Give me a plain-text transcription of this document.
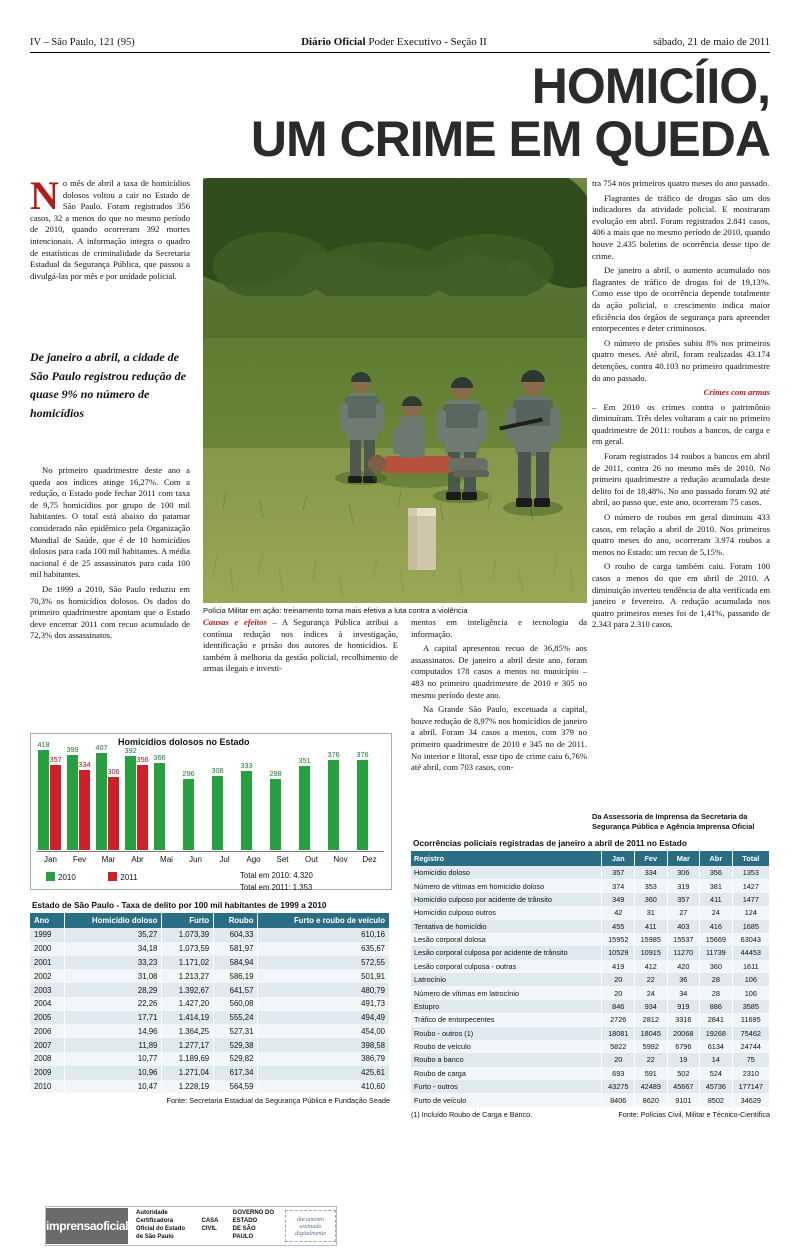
IV – São Paulo, 121 (95)	Diário Oficial Poder Executivo - Seção II	sábado, 21 de maio de 2011
HOMICÍIO,
UM CRIME EM QUEDA

No mês de abril a taxa de homicídios dolosos voltou a cair no Estado de São Paulo. Foram registrados 356 casos, 32 a menos do que no mesmo período de 2010, quando ocorreram 392 mortes intencionais. A informação integra o quadro de estatísticas de criminalidade da Secretaria Estadual da Segurança Pública, que passou a divulgá-las por mês e por unidade policial.

De janeiro a abril, a cidade de São Paulo registrou redução de quase 9% no número de homicídios

No primeiro quadrimestre deste ano a queda aos índices atinge 16,27%. Com a redução, o Estado pode fechar 2011 com taxa de 9,75 homicídios por grupo de 100 mil habitantes. O total está abaixo do patamar considerado não epidêmico pela Organização Mundial de Saúde, que é de 10 homicídios dolosos para cada 100 mil habitantes. A média nacional é de 25 assassinatos para cada 100 mil habitantes.

De 1999 a 2010, São Paulo reduziu em 70,3% os homicídios dolosos. Os dados do primeiro quadrimestre apontam que o Estado deve encerrar 2011 com recuo acumulado de 72,3% dos assassinatos.

Polícia Militar em ação: treinamento torna mais efetiva a luta contra a violência

Causas e efeitos – A Segurança Pública atribui a contínua redução nos índices à investigação, identificação e prisão dos autores de homicídios. E também à melhoria da gestão policial, recolhimento de armas ilegais e investi-

mentos em inteligência e tecnologia da informação.

A capital apresentou recuo de 36,85% aos assassinatos. De janeiro a abril deste ano, foram computados 178 casos a menos no município – 483 no primeiro quadrimestre de 2010 e 305 no mesmo período deste ano.

Na Grande São Paulo, excetuada a capital, houve redução de 8,97% nos homicídios de janeiro a abril. Foram 34 casos a menos, com 379 no primeiro quadrimestre de 2010 e 345 no de 2011. No interior e litoral, esse tipo de crime caiu 6,76% até abril, com 703 casos, con-

tra 754 nos primeiros quatro meses do ano passado.

Flagrantes de tráfico de drogas são um dos indicadores da atividade policial. E mostraram evolução em abril. Foram registrados 2.841 casos, 406 a mais que no mesmo período de 2010, quando houve 2.435 boletins de ocorrência desse tipo de crime.

De janeiro a abril, o aumento acumulado nos flagrantes de tráfico de drogas foi de 19,13%. Como esse tipo de ocorrência depende totalmente da ação policial, o crescimento indica maior eficiência dos órgãos de segurança para apreender entorpecentes e deter criminosos.

O número de prisões subiu 8% nos primeiros quatro meses. Até abril, foram realizadas 43.174 detenções, contra 40.103 no primeiro quadrimestre do ano passado.

Crimes com armas

– Em 2010 os crimes contra o patrimônio diminuíram. Três deles voltaram a cair no primeiro quadrimestre de 2011: roubos a bancos, de carga e em geral.

Foram registrados 14 roubos a bancos em abril de 2011, contra 26 no mesmo mês de 2010. No primeiro quadrimestre a redução acumulada deste delito foi de 18,48%. No ano passado foram 92 até abril, ao passo que, este ano, ocorreram 75 casos.

O número de roubos em geral diminuiu 433 casos, em relação a abril de 2010. Nos primeiros quatro meses do ano, ocorreram 3.974 roubos a menos no Estado: um recuo de 5,15%.

O roubo de carga também caiu. Foram 100 casos a menos do que em abril de 2010. A diminuição inverteu tendência de alta verificada em janeiro e fevereiro. A redução acumulada nos quatro primeiros meses foi de 1,41%, passando de 2.343 para 2.310 casos.

Da Assessoria de Imprensa da Secretaria da Segurança Pública e Agência Imprensa Oficial
Homicídios dolosos no Estado
418
357
399
334
407
306
392
356 366
296 308
333
298
351
376 376
Jan	Fev	Mar	Abr	Mai	Jun	Jul	Ago	Set	Out	Nov	Dez
2010	2011	Total em 2010: 4.320
Total em 2011: 1.353
Estado de São Paulo - Taxa de delito por 100 mil habitantes de 1999 a 2010
Ano	Homicídio doloso	Furto	Roubo	Furto e roubo de veículo
1999	35,27	1.073,39	604,33	610,16
2000	34,18	1.073,59	581,97	635,67
2001	33,23	1.171,02	584,94	572,55
2002	31,08	1.213,27	586,19	501,91
2003	28,29	1.392,67	641,57	480,79
2004	22,26	1.427,20	560,08	491,73
2005	17,71	1.414,19	555,24	494,49
2006	14,96	1.364,25	527,31	454,00
2007	11,89	1.277,17	529,38	398,58
2008	10,77	1.189,69	529,82	386,79
2009	10,96	1.271,04	617,34	425,61
2010	10,47	1.228,19	564,59	410,60
Fonte: Secretaria Estadual da Segurança Pública e Fundação Seade
Ocorrências policiais registradas de janeiro a abril de 2011 no Estado
Registro	Jan	Fev	Mar	Abr	Total
Homicídio doloso	357	334	306	356	1353
Número de vítimas em homicídio doloso	374	353	319	381	1427
Homicídio culposo por acidente de trânsito	349	360	357	411	1477
Homicídio culposo outros	42	31	27	24	124
Tentativa de homicídio	455	411	403	416	1685
Lesão corporal dolosa	15952	15985	15537	15669	63043
Lesão corporal culposa por acidente de trânsito	10529	10915	11270	11739	44453
Lesão corporal culposa - outras	419	412	420	360	1611
Latrocínio	20	22	36	28	106
Número de vítimas em latrocínio	20	24	34	28	106
Estupro	846	934	919	886	3585
Tráfico de entorpecentes	2726	2812	3316	2841	11695
Roubo - outros (1)	18081	18045	20068	19268	75462
Roubo de veículo	5822	5992	6796	6134	24744
Roubo a banco	20	22	19	14	75
Roubo de carga	693	591	502	524	2310
Furto - outros	43275	42489	45667	45736	177147
Furto de veículo	8406	8620	9101	8502	34629
(1) Incluído Roubo de Carga e Banco.	Fonte: Polícias Civil, Militar e Técnico-Científica
imprensaoficial
Autoridade Certificadora
Oficial do Estado de São Paulo
CASA CIVIL
GOVERNO DO ESTADO
DE SÃO PAULO
documento
assinado
digitalmente
